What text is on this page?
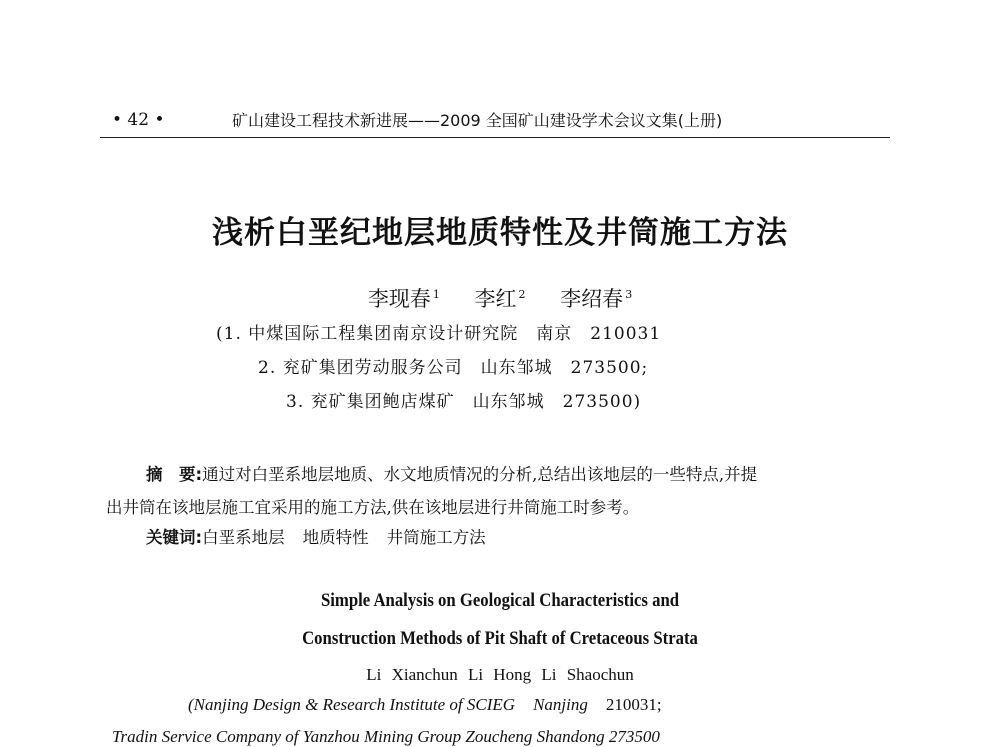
• 42 •	矿山建设工程技术新进展——2009 全国矿山建设学术会议文集(上册)
浅析白垩纪地层地质特性及井筒施工方法
李现春 $^1$ 李红 $^2$ 李绍春 $^3$
(1. 中煤国际工程集团南京设计研究院 南京 210031
2. 兖矿集团劳动服务公司 山东邹城 273500;
3. 兖矿集团鲍店煤矿 山东邹城 273500)
摘　要:通过对白垩系地层地质、水文地质情况的分析,总结出该地层的一些特点,并提
出井筒在该地层施工宜采用的施工方法,供在该地层进行井筒施工时参考。
关键词:白垩系地层 地质特性 井筒施工方法
Simple Analysis on Geological Characteristics and
Construction Methods of Pit Shaft of Cretaceous Strata
Li Xianchun Li Hong Li Shaochun
(Nanjing Design & Research Institute of SCIEG Nanjing 210031;
Tradin Service Company of Yanzhou Mining Group Zoucheng Shandong 273500
